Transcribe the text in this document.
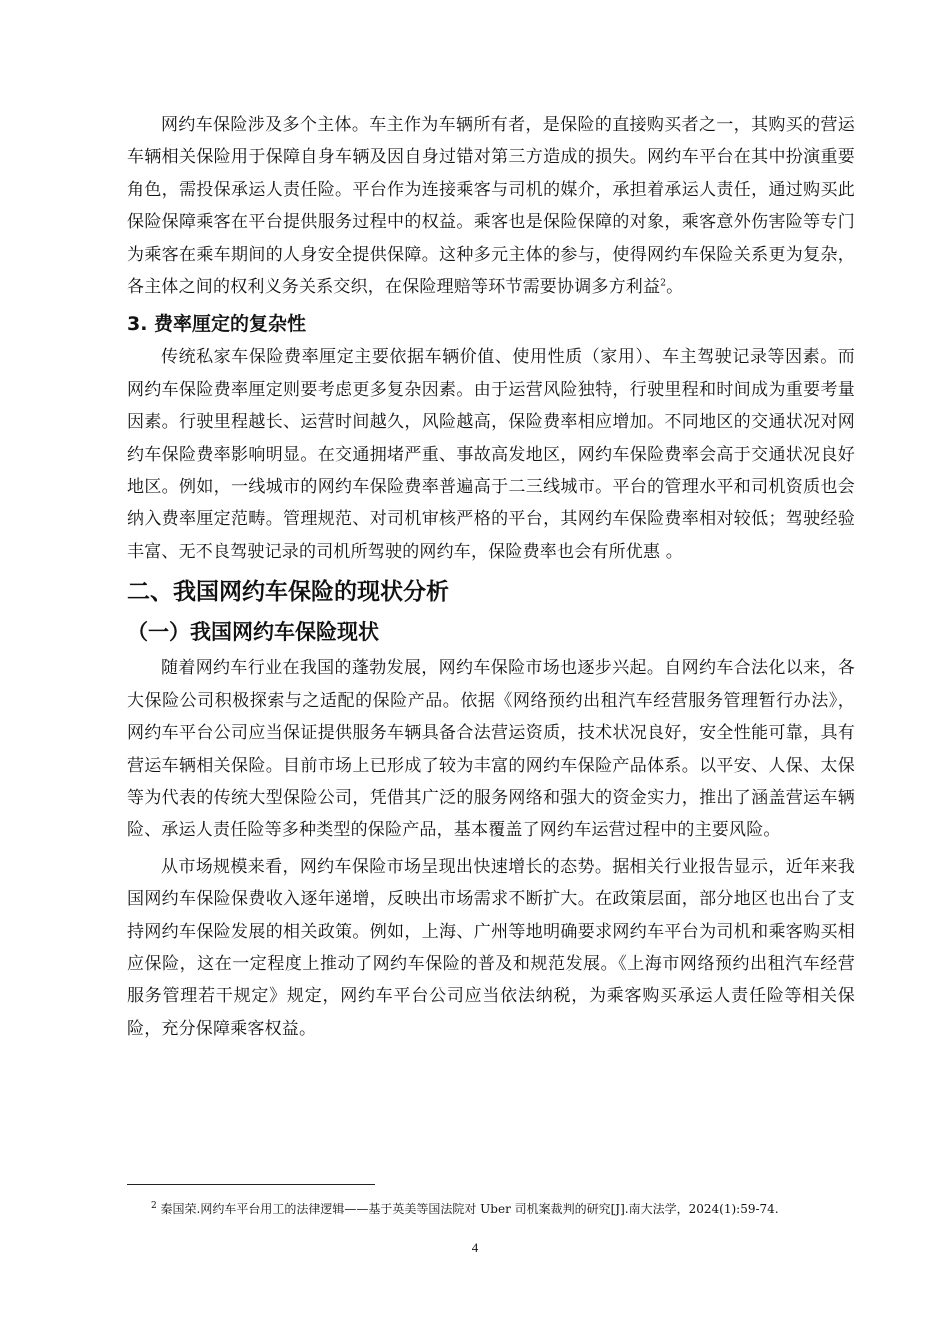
网约车保险涉及多个主体。车主作为车辆所有者，是保险的直接购买者之一，其购买的营运车辆相关保险用于保障自身车辆及因自身过错对第三方造成的损失。网约车平台在其中扮演重要角色，需投保承运人责任险。平台作为连接乘客与司机的媒介，承担着承运人责任，通过购买此保险保障乘客在平台提供服务过程中的权益。乘客也是保险保障的对象，乘客意外伤害险等专门为乘客在乘车期间的人身安全提供保障。这种多元主体的参与，使得网约车保险关系更为复杂，各主体之间的权利义务关系交织，在保险理赔等环节需要协调多方利益$^2$。

3. 费率厘定的复杂性

传统私家车保险费率厘定主要依据车辆价值、使用性质（家用）、车主驾驶记录等因素。而网约车保险费率厘定则要考虑更多复杂因素。由于运营风险独特，行驶里程和时间成为重要考量因素。行驶里程越长、运营时间越久，风险越高，保险费率相应增加。不同地区的交通状况对网约车保险费率影响明显。在交通拥堵严重、事故高发地区，网约车保险费率会高于交通状况良好地区。例如，一线城市的网约车保险费率普遍高于二三线城市。平台的管理水平和司机资质也会纳入费率厘定范畴。管理规范、对司机审核严格的平台，其网约车保险费率相对较低；驾驶经验丰富、无不良驾驶记录的司机所驾驶的网约车，保险费率也会有所优惠 。

二、我国网约车保险的现状分析
（一）我国网约车保险现状

随着网约车行业在我国的蓬勃发展，网约车保险市场也逐步兴起。自网约车合法化以来，各大保险公司积极探索与之适配的保险产品。依据《网络预约出租汽车经营服务管理暂行办法》，网约车平台公司应当保证提供服务车辆具备合法营运资质，技术状况良好，安全性能可靠，具有营运车辆相关保险。目前市场上已形成了较为丰富的网约车保险产品体系。以平安、人保、太保等为代表的传统大型保险公司，凭借其广泛的服务网络和强大的资金实力，推出了涵盖营运车辆险、承运人责任险等多种类型的保险产品，基本覆盖了网约车运营过程中的主要风险。

从市场规模来看，网约车保险市场呈现出快速增长的态势。据相关行业报告显示，近年来我国网约车保险保费收入逐年递增，反映出市场需求不断扩大。在政策层面，部分地区也出台了支持网约车保险发展的相关政策。例如，上海、广州等地明确要求网约车平台为司机和乘客购买相应保险，这在一定程度上推动了网约车保险的普及和规范发展。《上海市网络预约出租汽车经营服务管理若干规定》规定，网约车平台公司应当依法纳税，为乘客购买承运人责任险等相关保险，充分保障乘客权益。

$^2$ 秦国荣.网约车平台用工的法律逻辑——基于英美等国法院对 Uber 司机案裁判的研究[J].南大法学，2024(1):59-74.
4
